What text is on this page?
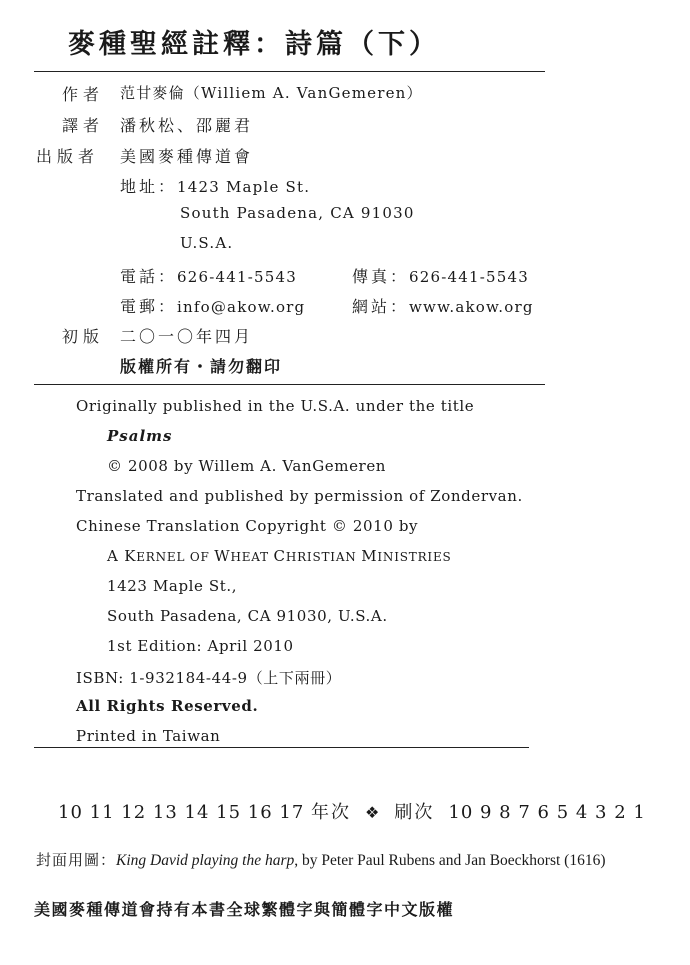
麥種聖經註釋：詩篇（下）
作者 范甘麥倫（Williem A. VanGemeren）
譯者 潘秋松、邵麗君
出版者 美國麥種傳道會
地址：1423 Maple St.
South Pasadena, CA 91030
U.S.A.
電話：626-441-5543	傳真：626-441-5543
電郵：info@akow.org	網站：www.akow.org
初版 二〇一〇年四月
版權所有・請勿翻印
Originally published in the U.S.A. under the title
Psalms
© 2008 by Willem A. VanGemeren
Translated and published by permission of Zondervan.
Chinese Translation Copyright © 2010 by
A KERNEL OF WHEAT CHRISTIAN MINISTRIES
1423 Maple St.,
South Pasadena, CA 91030, U.S.A.
1st Edition: April 2010
ISBN: 1-932184-44-9（上下兩冊）
All Rights Reserved.
Printed in Taiwan
10 11 12 13 14 15 16 17 年次 ❖ 刷次 10 9 8 7 6 5 4 3 2 1
封面用圖：King David playing the harp, by Peter Paul Rubens and Jan Boeckhorst (1616)
美國麥種傳道會持有本書全球繁體字與簡體字中文版權
